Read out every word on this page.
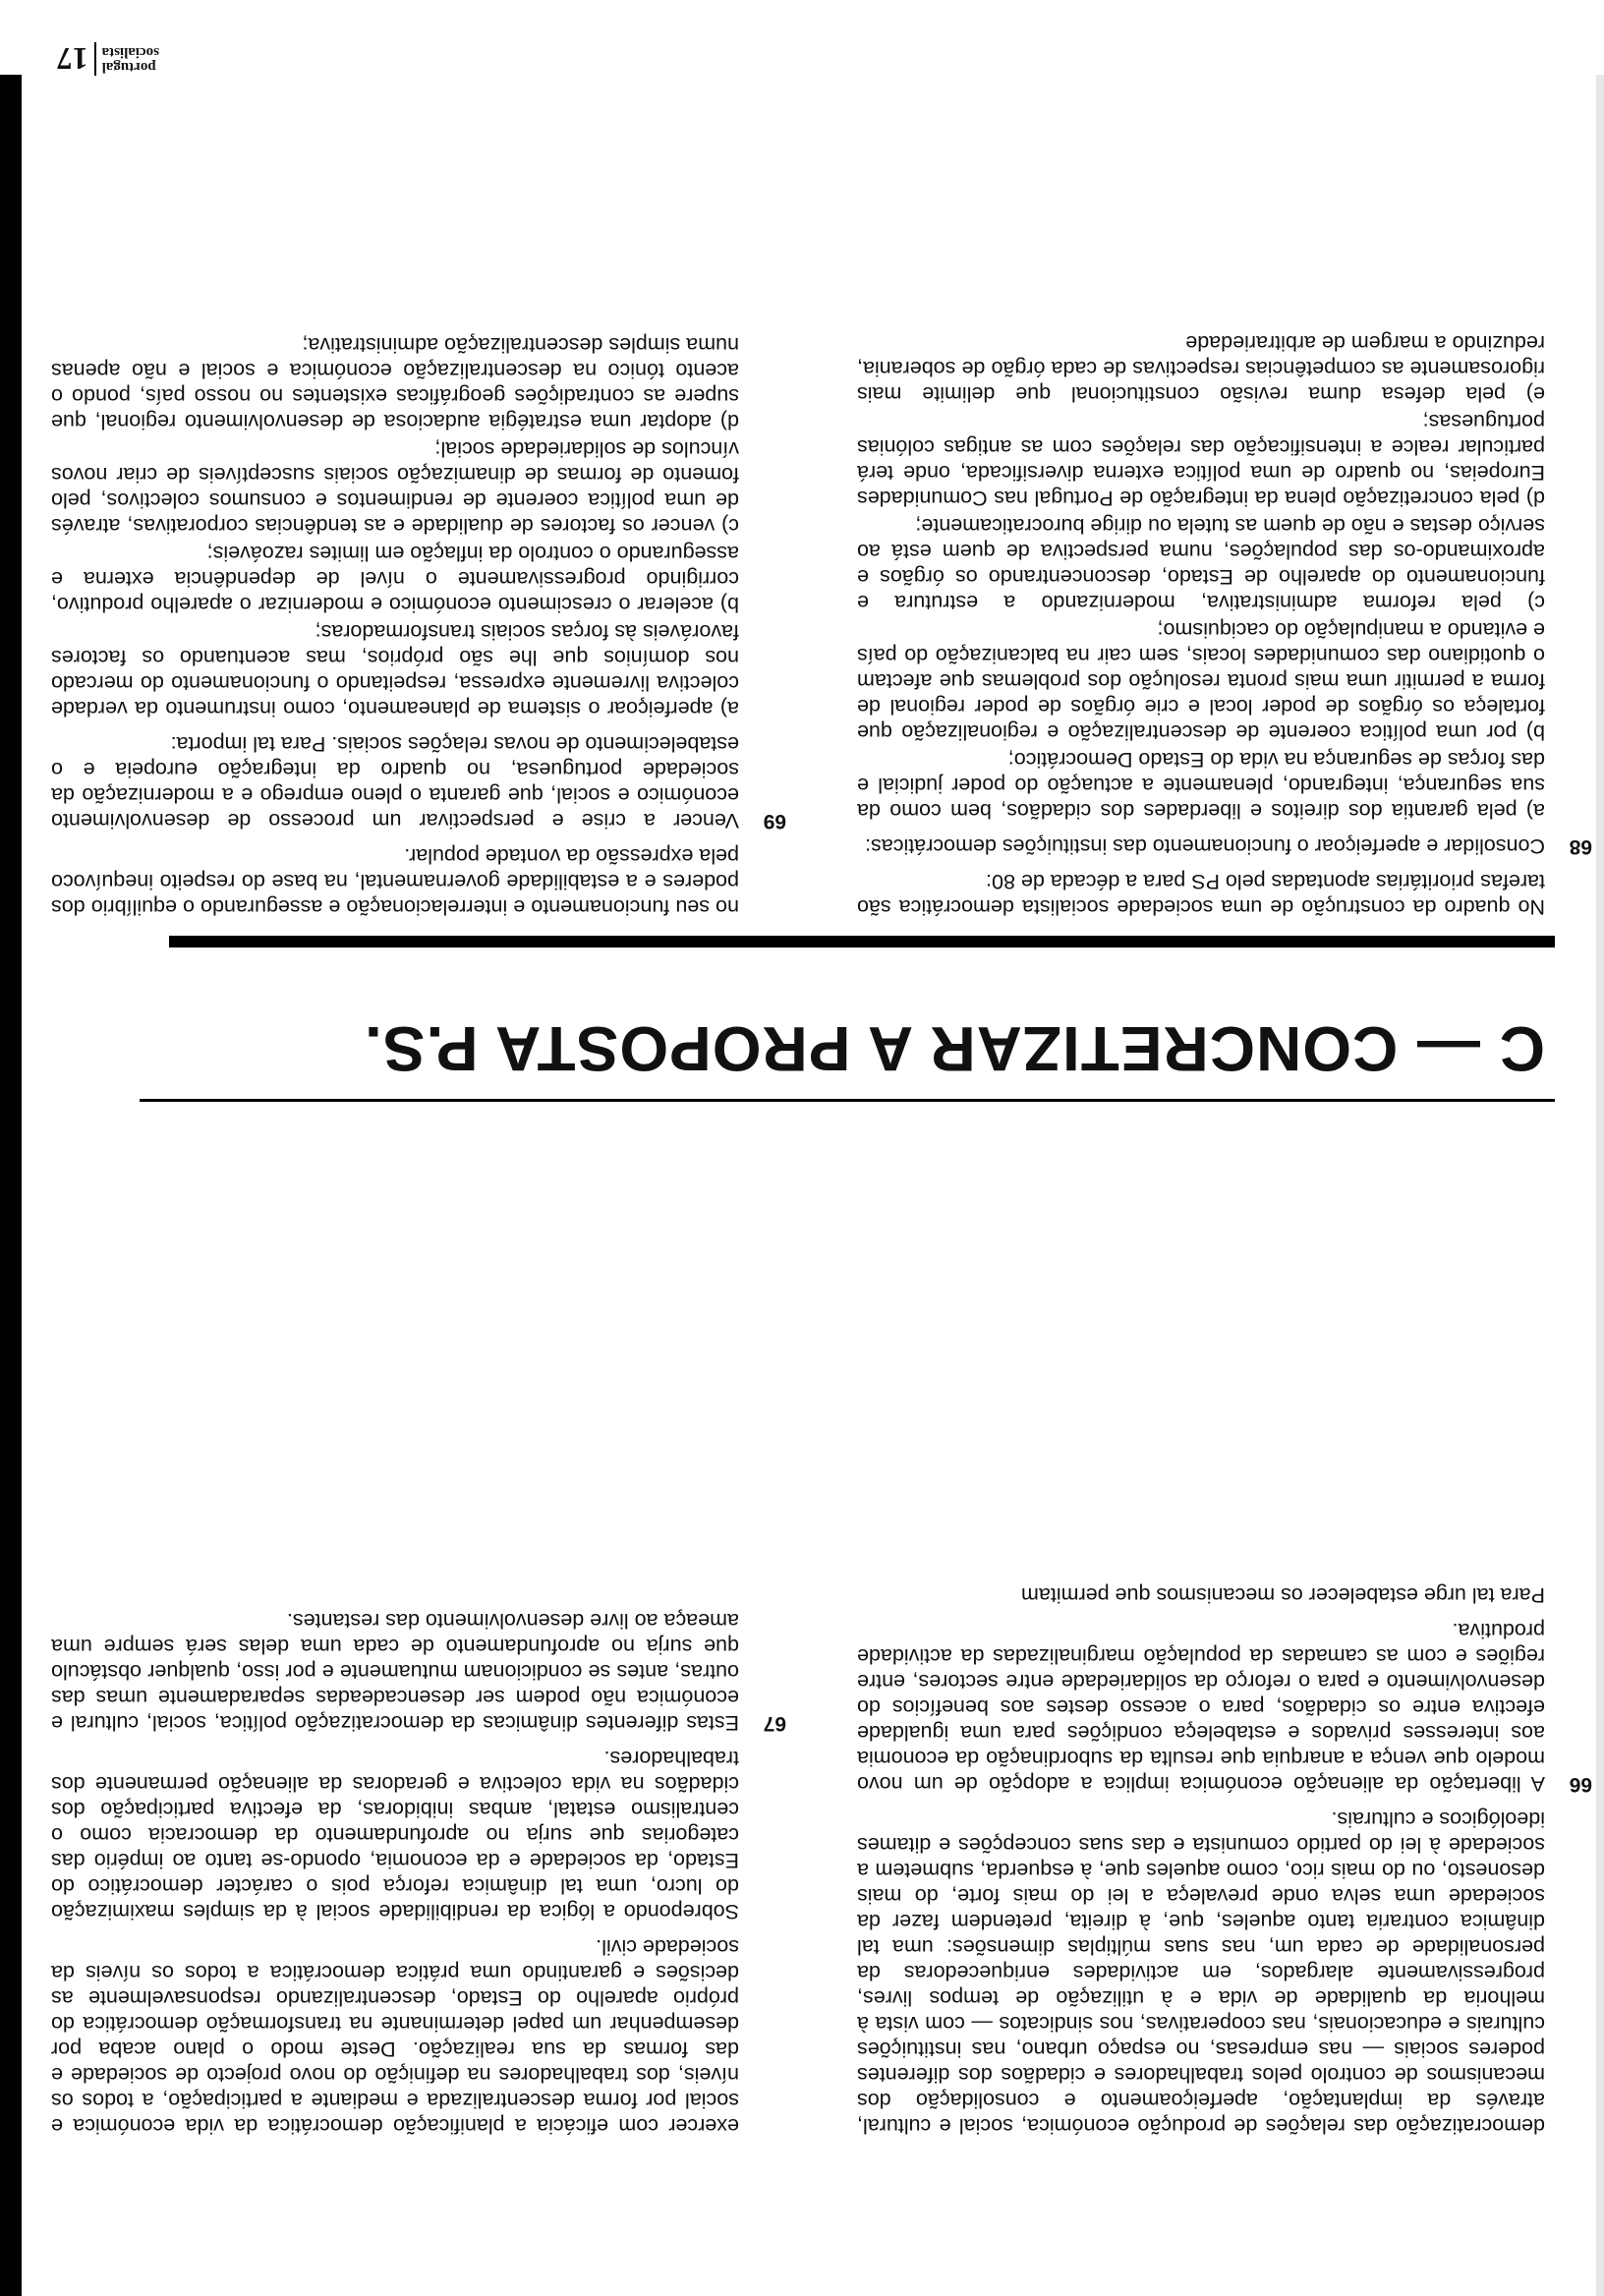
democratização das relações de produção económica, social e cultural, através da implantação, aperfeiçoamento e consolidação dos mecanismos de controlo pelos trabalhadores e cidadãos dos diferentes poderes sociais — nas empresas, no espaço urbano, nas instituições culturais e educacionais, nas cooperativas, nos sindicatos — com vista à melhoria da qualidade de vida e à utilização de tempos livres, progressivamente alargados, em actividades enriquecedoras da personalidade de cada um, nas suas múltiplas dimensões: uma tal dinâmica contraria tanto aqueles, que, à direita, pretendem fazer da sociedade uma selva onde prevaleça a lei do mais forte, do mais desonesto, ou do mais rico, como aqueles que, à esquerda, submetem a sociedade à lei do partido comunista e das suas concepções e ditames ideológicos e culturais.

66

A libertação da alienação económica implica a adopção de um novo modelo que vença a anarquia que resulta da subordinação da economia aos interesses privados e estabeleça condições para uma igualdade efectiva entre os cidadãos, para o acesso destes aos benefícios do desenvolvimento e para o reforço da solidariedade entre sectores, entre regiões e com as camadas da população marginalizadas da actividade produtiva.

Para tal urge estabelecer os mecanismos que permitam

exercer com eficácia a planificação democrática da vida económica e social por forma descentralizada e mediante a participação, a todos os níveis, dos trabalhadores na definição do novo projecto de sociedade e das formas da sua realização. Deste modo o plano acaba por desempenhar um papel determinante na transformação democrática do próprio aparelho do Estado, descentralizando responsavelmente as decisões e garantindo uma prática democrática a todos os níveis da sociedade civil.

Sobrepondo a lógica da rendibilidade social à da simples maximização do lucro, uma tal dinâmica reforça pois o carácter democrático do Estado, da sociedade e da economia, opondo-se tanto ao império das categorias que surja no aprofundamento da democracia como o centralismo estatal, ambas inibidoras, da efectiva participação dos cidadãos na vida colectiva e geradoras da alienação permanente dos trabalhadores.

67

Estas diferentes dinâmicas da democratização política, social, cultural e económica não podem ser desencadeadas separadamente umas das outras, antes se condicionam mutuamente e por isso, qualquer obstáculo que surja no aprofundamento de cada uma delas será sempre uma ameaça ao livre desenvolvimento das restantes.

C — CONCRETIZAR A PROPOSTA P.S.

No quadro da construção de uma sociedade socialista democrática são tarefas prioritárias apontadas pelo PS para a década de 80:

68

Consolidar e aperfeiçoar o funcionamento das instituições democráticas:

a) pela garantia dos direitos e liberdades dos cidadãos, bem como da sua segurança, integrando, plenamente a actuação do poder judicial e das forças de segurança na vida do Estado Democrático;

b) por uma política coerente de descentralização e regionalização que fortaleça os órgãos de poder local e crie órgãos de poder regional de forma a permitir uma mais pronta resolução dos problemas que afectam o quotidiano das comunidades locais, sem cair na balcanização do país e evitando a manipulação do caciquismo;

c) pela reforma administrativa, modernizando a estrutura e funcionamento do aparelho de Estado, desconcentrando os órgãos e aproximando-os das populações, numa perspectiva de quem está ao serviço destas e não de quem as tutela ou dirige burocraticamente;

d) pela concretização plena da integração de Portugal nas Comunidades Europeias, no quadro de uma política externa diversificada, onde terá particular realce a intensificação das relações com as antigas colónias portuguesas;

e) pela defesa duma revisão constitucional que delimite mais rigorosamente as competências respectivas de cada órgão de soberania, reduzindo a margem de arbitrariedade

no seu funcionamento e interrelacionação e assegurando o equilíbrio dos poderes e a estabilidade governamental, na base do respeito inequívoco pela expressão da vontade popular.

69

Vencer a crise e perspectivar um processo de desenvolvimento económico e social, que garanta o pleno emprego e a modernização da sociedade portuguesa, no quadro da integração europeia e o estabelecimento de novas relações sociais. Para tal importa:

a) aperfeiçoar o sistema de planeamento, como instrumento da verdade colectiva livremente expressa, respeitando o funcionamento do mercado nos domínios que lhe são próprios, mas acentuando os factores favoráveis às forças sociais transformadoras;

b) acelerar o crescimento económico e modernizar o aparelho produtivo, corrigindo progressivamente o nível de dependência externa e assegurando o controlo da inflação em limites razoáveis;

c) vencer os factores de dualidade e as tendências corporativas, através de uma política coerente de rendimentos e consumos colectivos, pelo fomento de formas de dinamização sociais susceptíveis de criar novos vínculos de solidariedade social;

d) adoptar uma estratégia audaciosa de desenvolvimento regional, que supere as contradições geográficas existentes no nosso país, pondo o acento tónico na descentralização económica e social e não apenas numa simples descentralização administrativa;

portugal
socialista
17
